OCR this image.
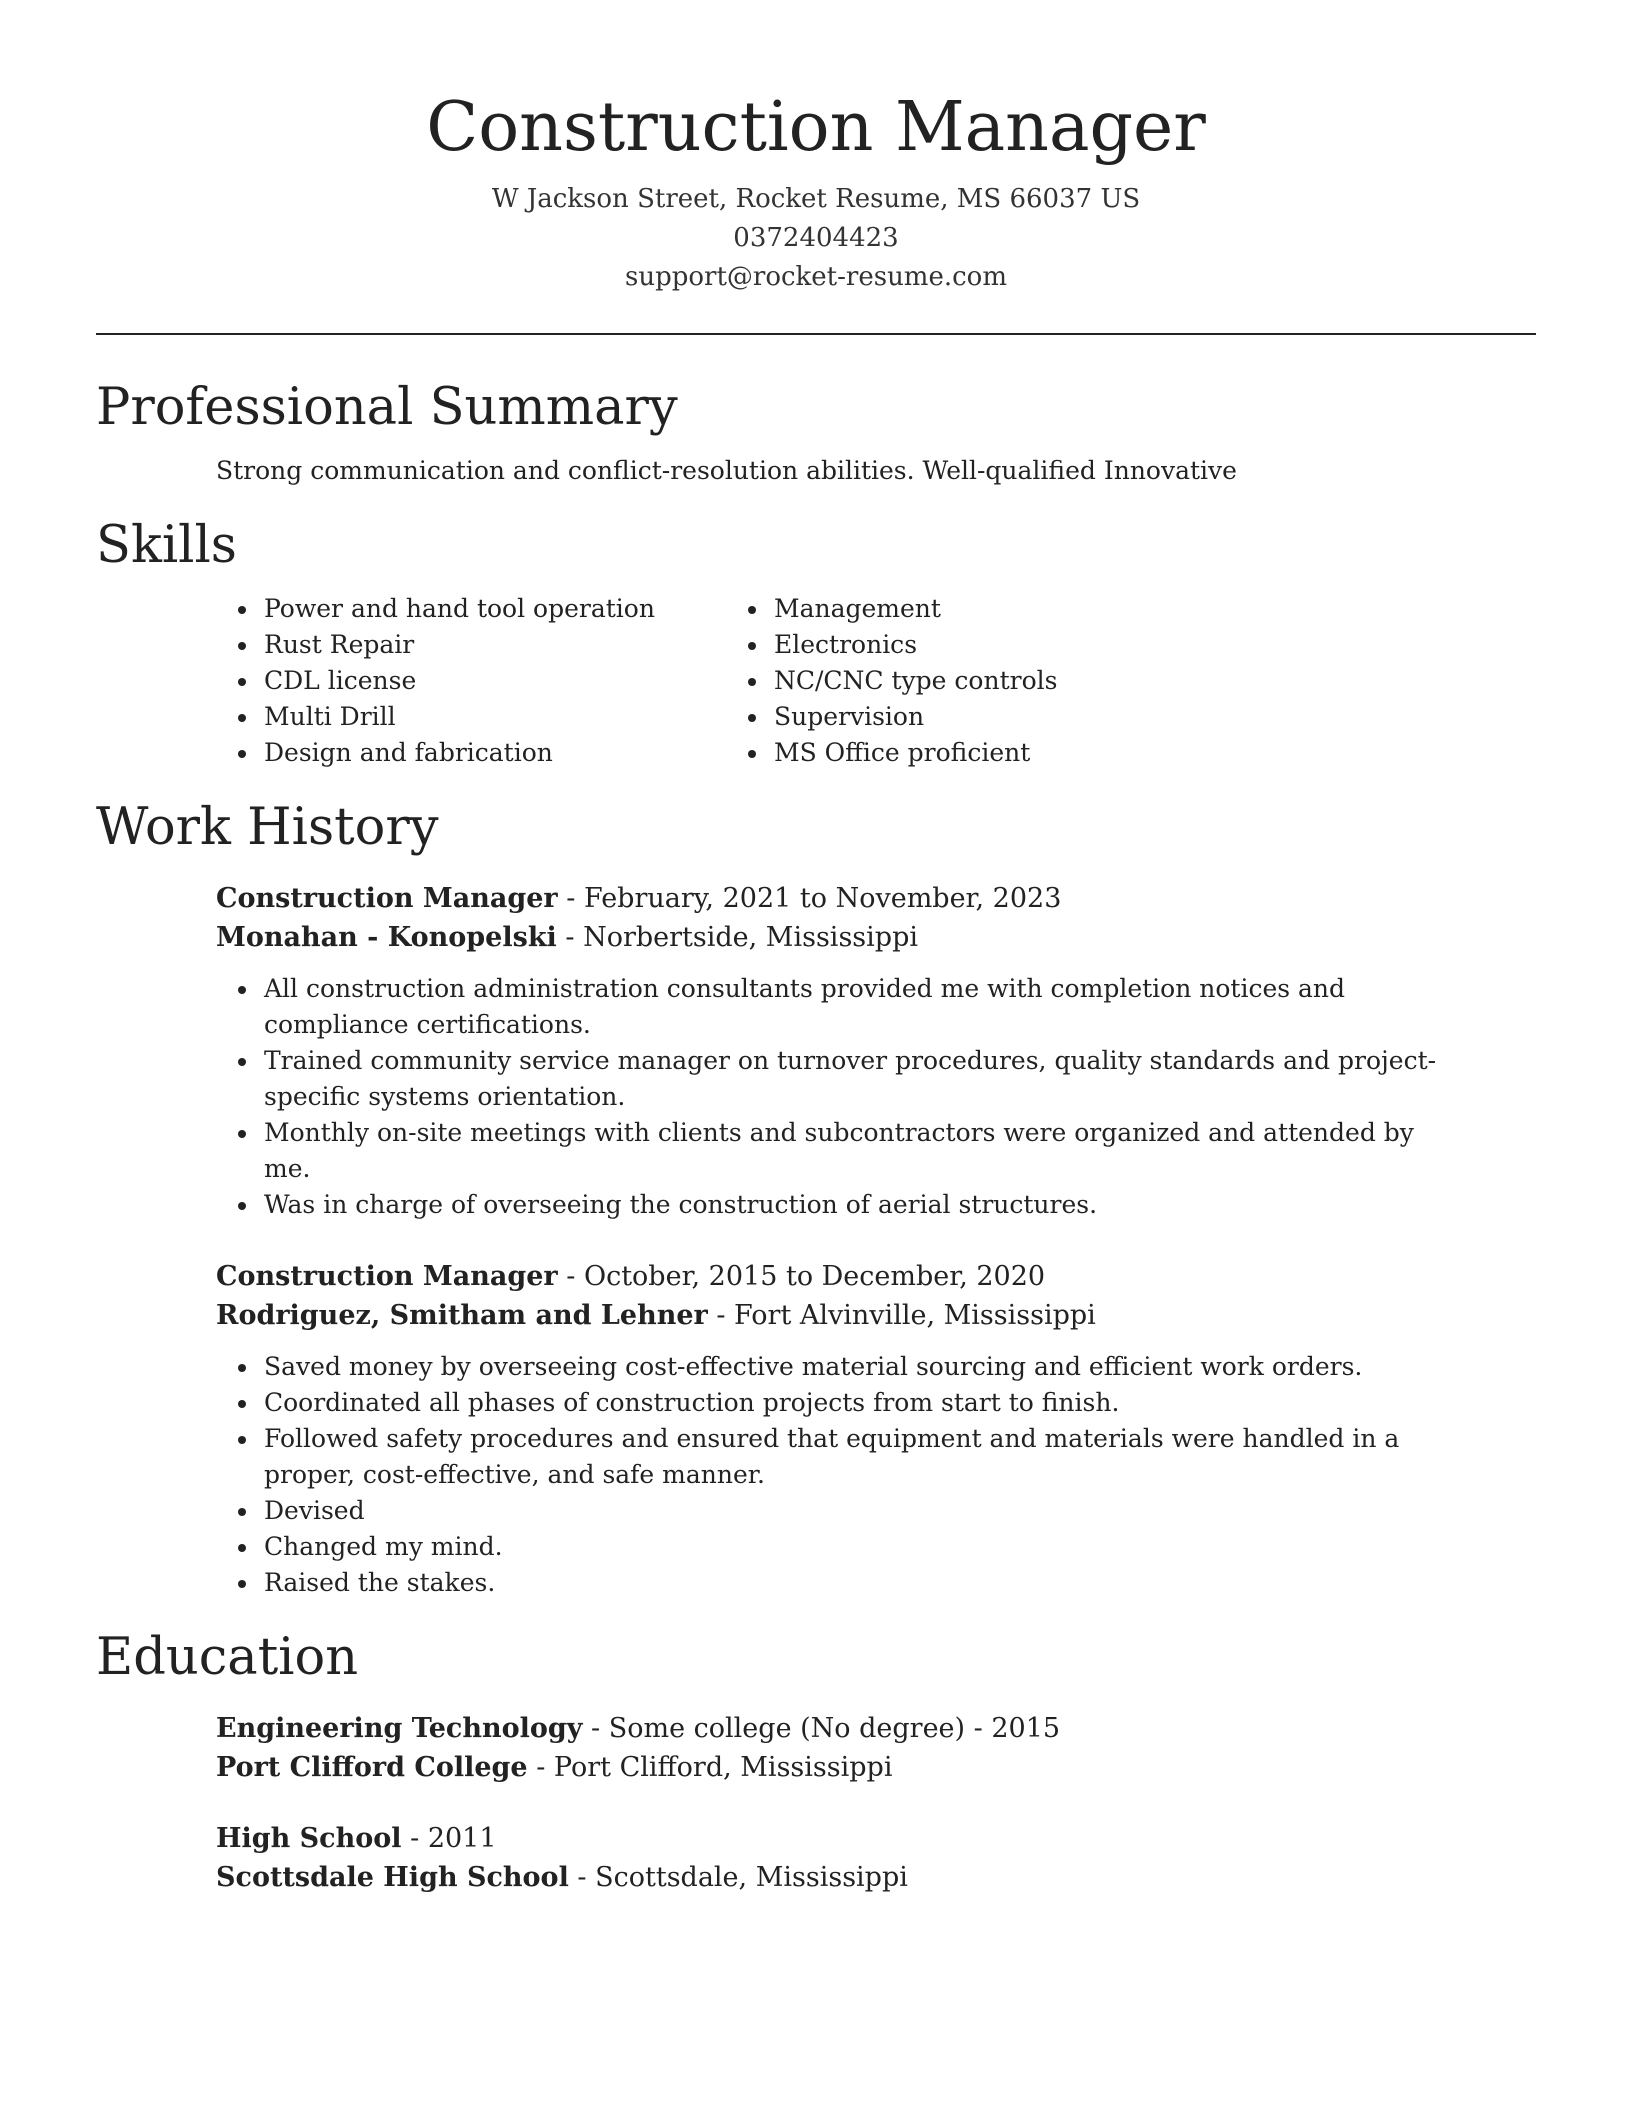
Construction Manager
W Jackson Street, Rocket Resume, MS 66037 US
0372404423
support@rocket-resume.com
Professional Summary
Strong communication and conflict-resolution abilities. Well-qualified Innovative
Skills
• Power and hand tool operation
• Rust Repair
• CDL license
• Multi Drill
• Design and fabrication
• Management
• Electronics
• NC/CNC type controls
• Supervision
• MS Office proficient
Work History
Construction Manager - February, 2021 to November, 2023
Monahan - Konopelski - Norbertside, Mississippi
• All construction administration consultants provided me with completion notices and compliance certifications.
• Trained community service manager on turnover procedures, quality standards and project-specific systems orientation.
• Monthly on-site meetings with clients and subcontractors were organized and attended by me.
• Was in charge of overseeing the construction of aerial structures.
Construction Manager - October, 2015 to December, 2020
Rodriguez, Smitham and Lehner - Fort Alvinville, Mississippi
• Saved money by overseeing cost-effective material sourcing and efficient work orders.
• Coordinated all phases of construction projects from start to finish.
• Followed safety procedures and ensured that equipment and materials were handled in a proper, cost-effective, and safe manner.
• Devised
• Changed my mind.
• Raised the stakes.
Education
Engineering Technology - Some college (No degree) - 2015
Port Clifford College - Port Clifford, Mississippi
High School - 2011
Scottsdale High School - Scottsdale, Mississippi
